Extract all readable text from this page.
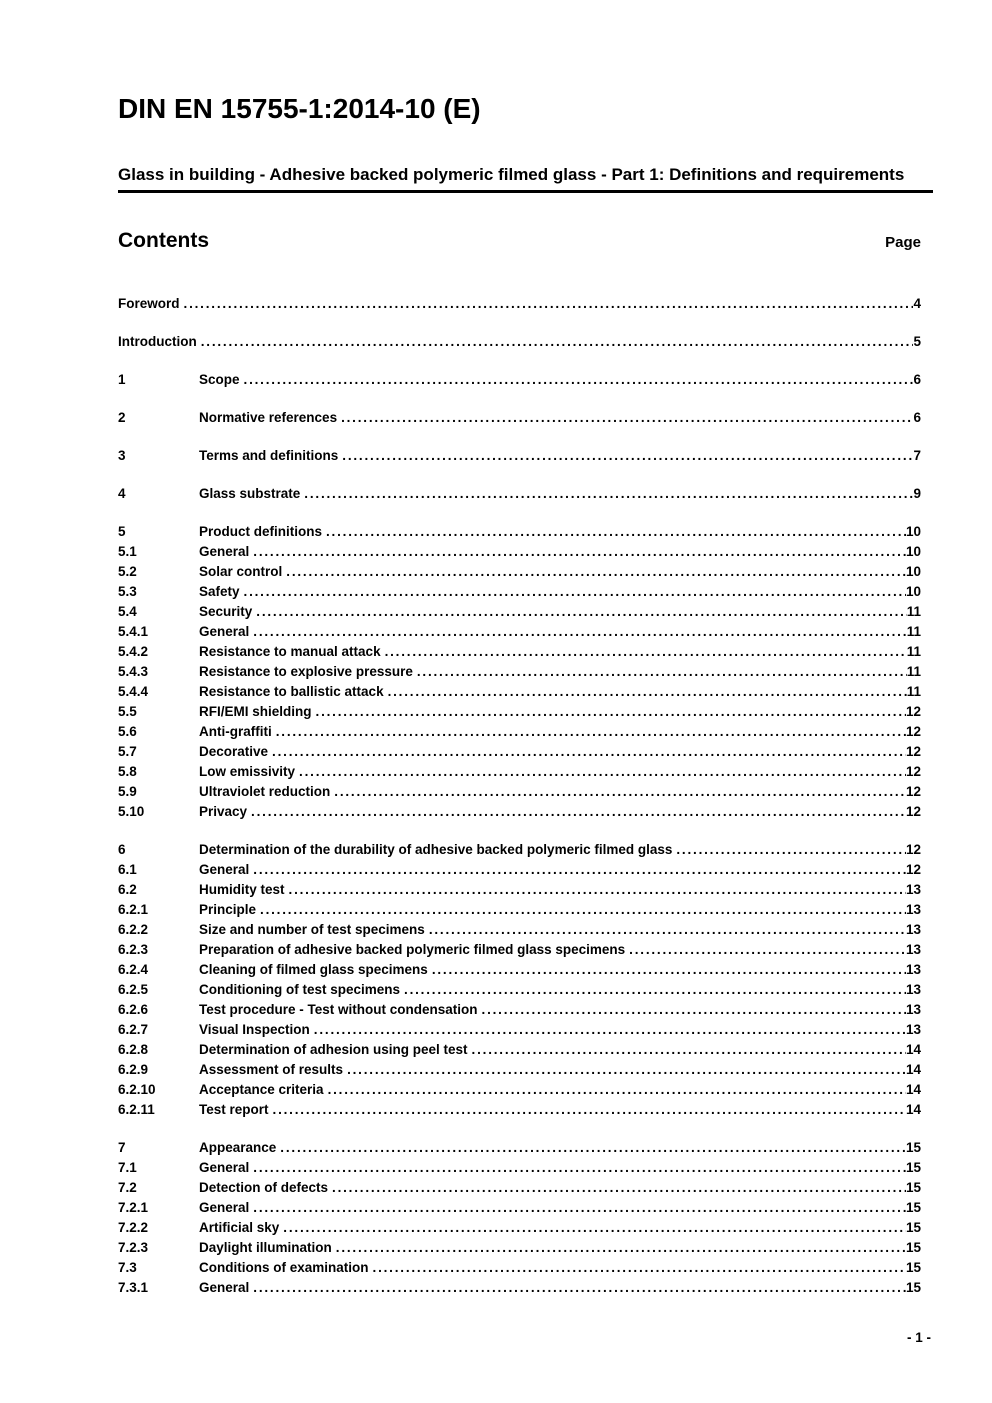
DIN EN 15755-1:2014-10 (E)
Glass in building - Adhesive backed polymeric filmed glass - Part 1: Definitions and requirements
Contents	Page
Foreword .....	4
Introduction .....	5
1	Scope .....	6
2	Normative references .....	6
3	Terms and definitions .....	7
4	Glass substrate .....	9
5	Product definitions .....	10
5.1	General .....	10
5.2	Solar control .....	10
5.3	Safety .....	10
5.4	Security .....	11
5.4.1	General .....	11
5.4.2	Resistance to manual attack .....	11
5.4.3	Resistance to explosive pressure .....	11
5.4.4	Resistance to ballistic attack .....	11
5.5	RFI/EMI shielding .....	12
5.6	Anti-graffiti .....	12
5.7	Decorative .....	12
5.8	Low emissivity .....	12
5.9	Ultraviolet reduction .....	12
5.10	Privacy .....	12
6	Determination of the durability of adhesive backed polymeric filmed glass .....	12
6.1	General .....	12
6.2	Humidity test .....	13
6.2.1	Principle .....	13
6.2.2	Size and number of test specimens .....	13
6.2.3	Preparation of adhesive backed polymeric filmed glass specimens .....	13
6.2.4	Cleaning of filmed glass specimens .....	13
6.2.5	Conditioning of test specimens .....	13
6.2.6	Test procedure - Test without condensation .....	13
6.2.7	Visual Inspection .....	13
6.2.8	Determination of adhesion using peel test .....	14
6.2.9	Assessment of results .....	14
6.2.10	Acceptance criteria .....	14
6.2.11	Test report .....	14
7	Appearance .....	15
7.1	General .....	15
7.2	Detection of defects .....	15
7.2.1	General .....	15
7.2.2	Artificial sky .....	15
7.2.3	Daylight illumination .....	15
7.3	Conditions of examination .....	15
7.3.1	General .....	15
- 1 -
